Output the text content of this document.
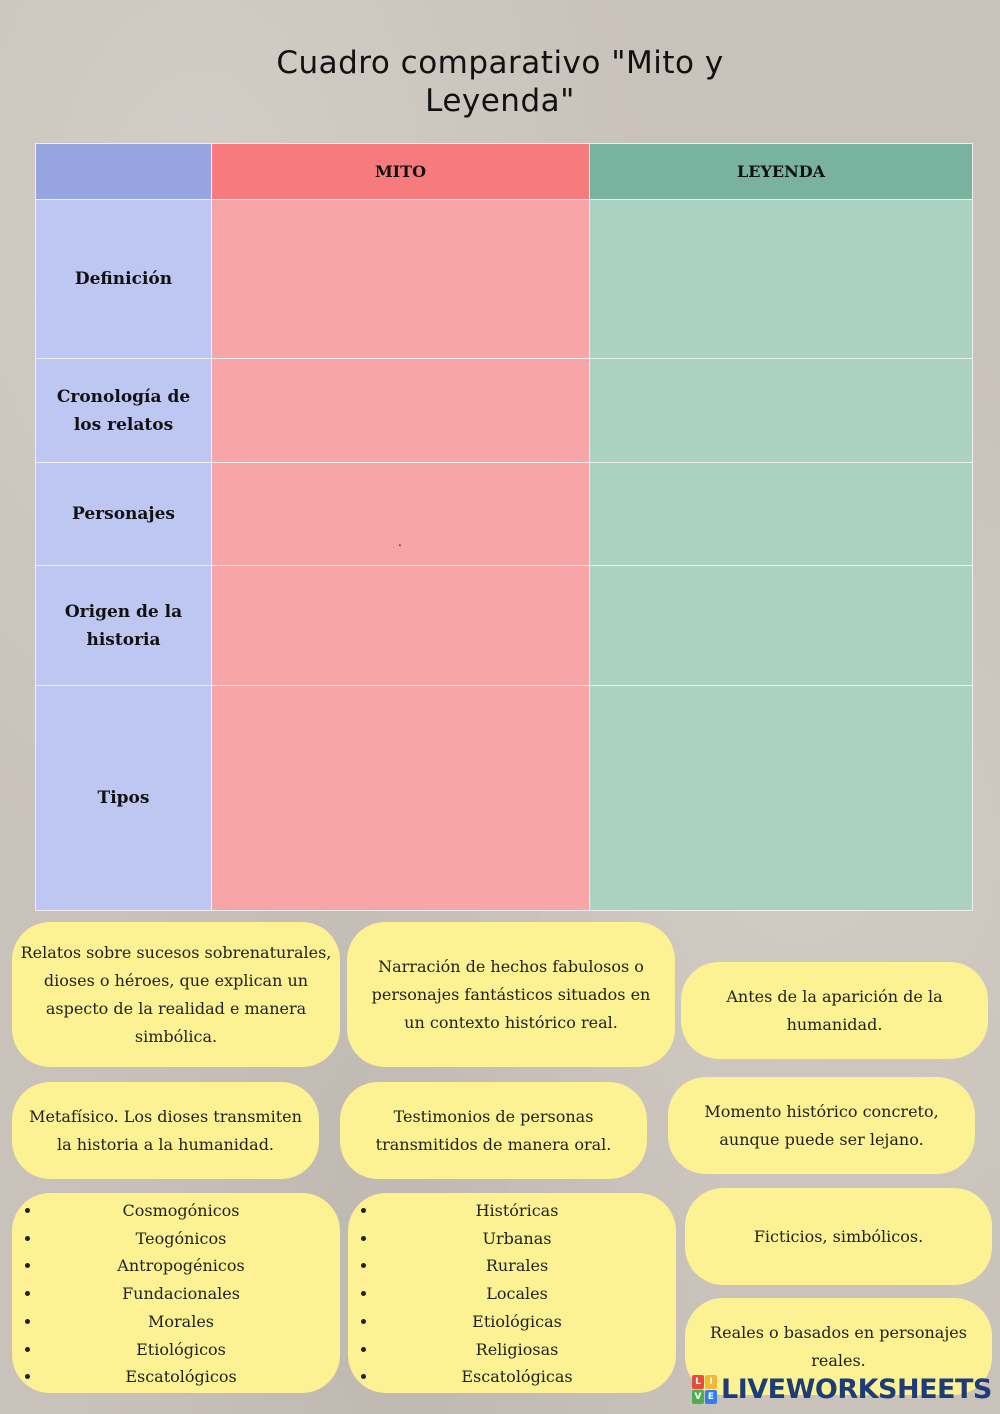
Cuadro comparativo "Mito y Leyenda"
	MITO	LEYENDA
Definición		
Cronología de los relatos		
Personajes	.	

Origen de la historia		
Tipos		
Relatos sobre sucesos sobrenaturales, dioses o héroes, que explican un aspecto de la realidad e manera simbólica.
Narración de hechos fabulosos o personajes fantásticos situados en un contexto histórico real.
Antes de la aparición de la humanidad.
Metafísico. Los dioses transmiten la historia a la humanidad.
Testimonios de personas transmitidos de manera oral.
Momento histórico concreto, aunque puede ser lejano.
• Cosmogónicos
• Teogónicos
• Antropogénicos
• Fundacionales
• Morales
• Etiológicos
• Escatológicos
• Históricas
• Urbanas
• Rurales
• Locales
• Etiológicas
• Religiosas
• Escatológicas
Ficticios, simbólicos.
Reales o basados en personajes reales.
L I
V E LIVEWORKSHEETS
